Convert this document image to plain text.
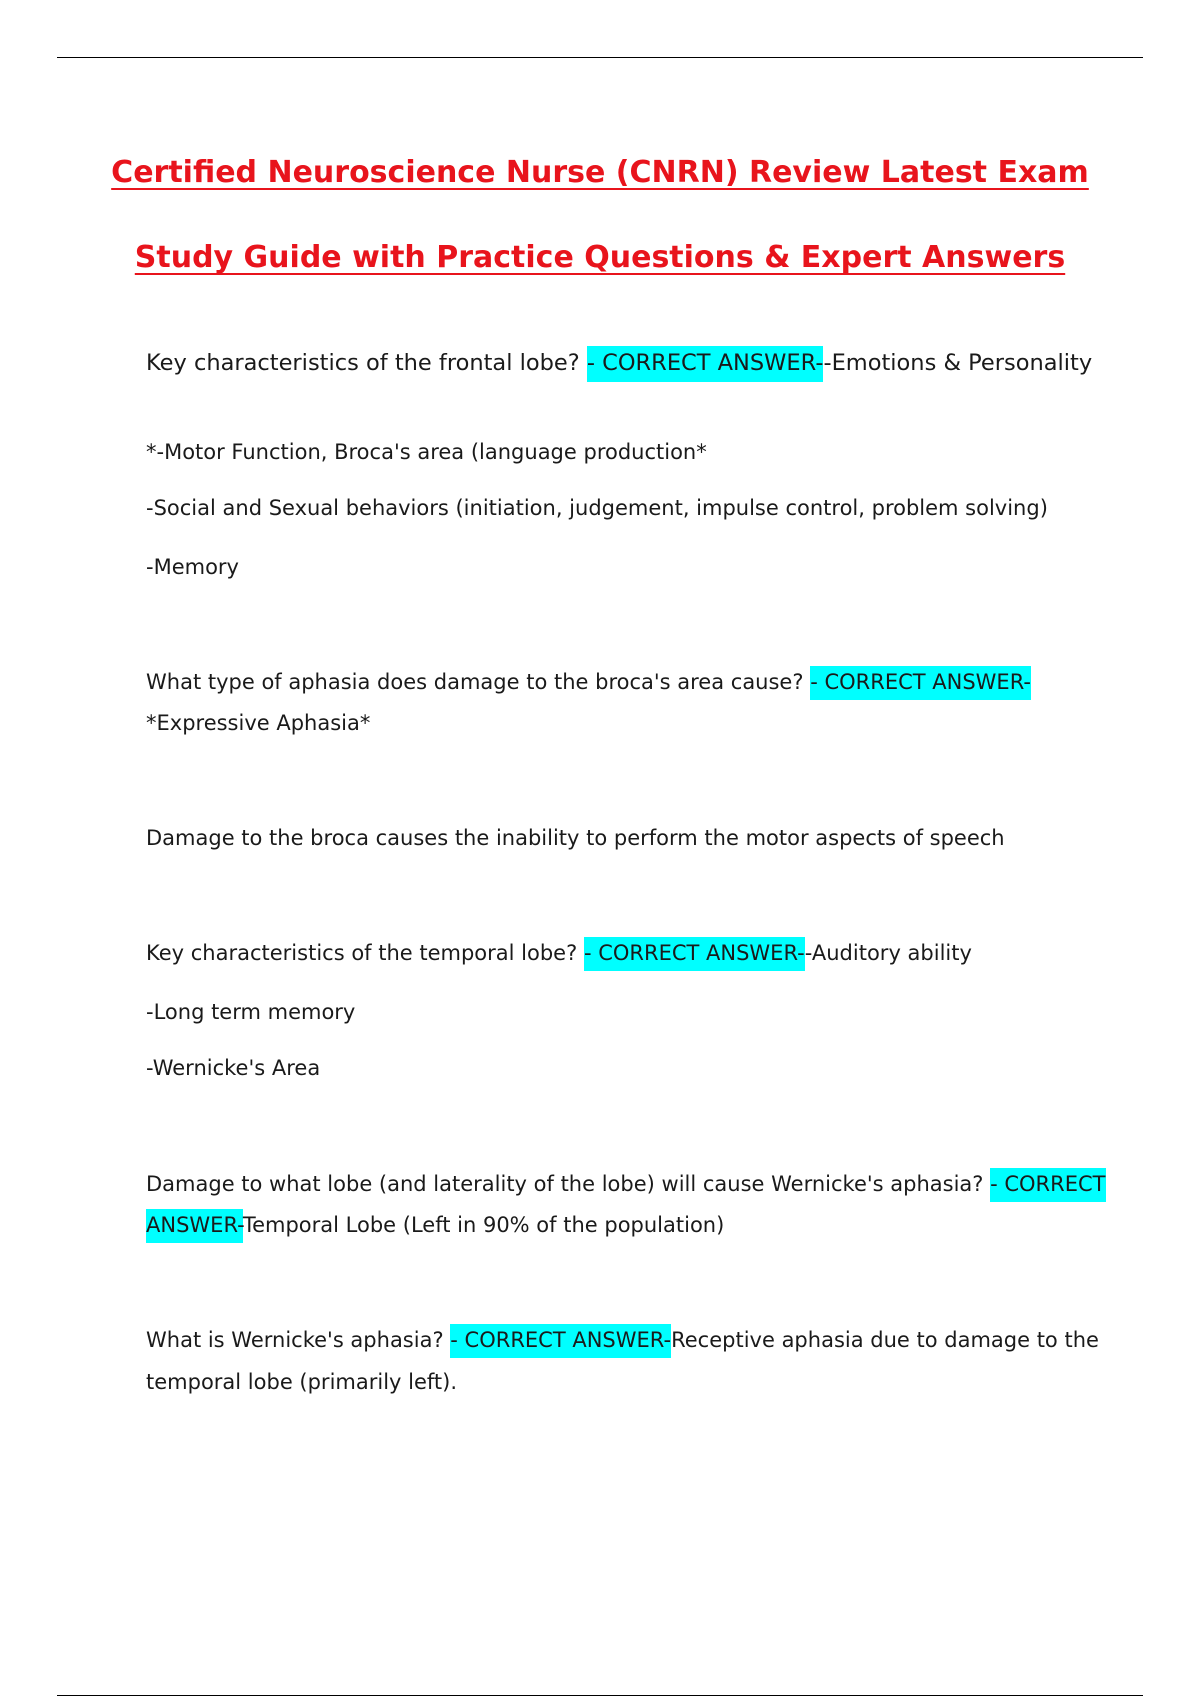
Certified Neuroscience Nurse (CNRN) Review Latest Exam
Study Guide with Practice Questions & Expert Answers

Key characteristics of the frontal lobe? - CORRECT ANSWER--Emotions & Personality

*-Motor Function, Broca's area (language production*

-Social and Sexual behaviors (initiation, judgement, impulse control, problem solving)

-Memory

What type of aphasia does damage to the broca's area cause? - CORRECT ANSWER-

*Expressive Aphasia*

Damage to the broca causes the inability to perform the motor aspects of speech

Key characteristics of the temporal lobe? - CORRECT ANSWER--Auditory ability

-Long term memory

-Wernicke's Area

Damage to what lobe (and laterality of the lobe) will cause Wernicke's aphasia? - CORRECT

ANSWER-Temporal Lobe (Left in 90% of the population)

What is Wernicke's aphasia? - CORRECT ANSWER-Receptive aphasia due to damage to the

temporal lobe (primarily left).
